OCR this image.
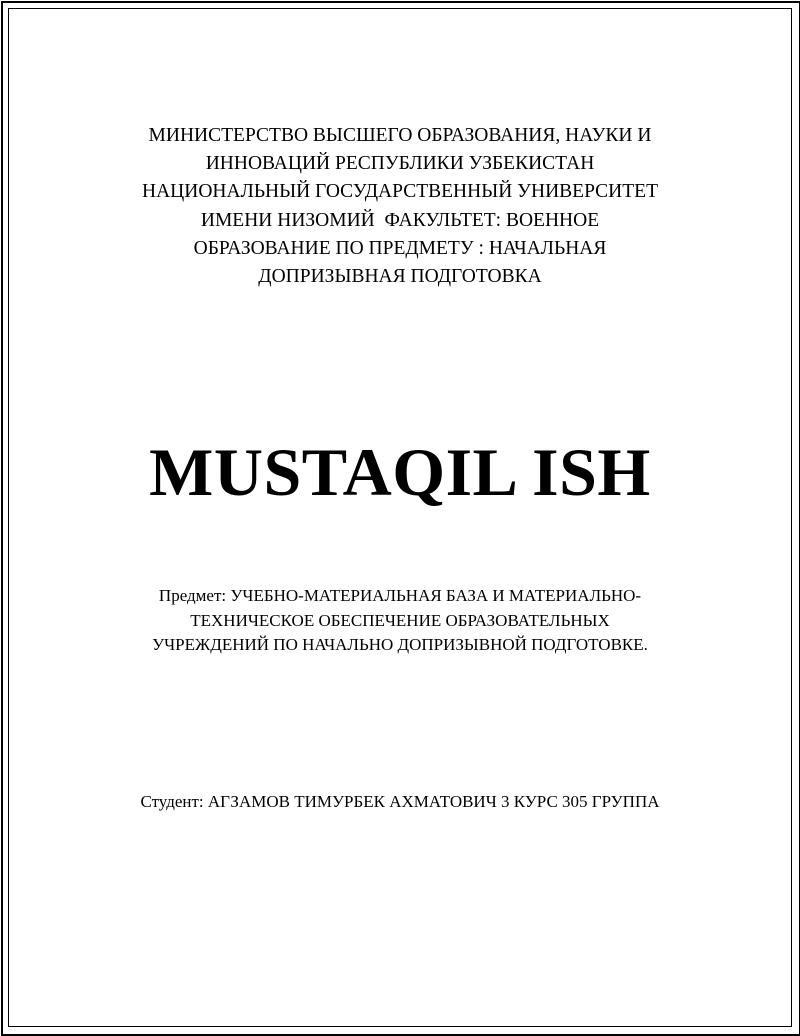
МИНИСТЕРСТВО ВЫСШЕГО ОБРАЗОВАНИЯ, НАУКИ И
ИННОВАЦИЙ РЕСПУБЛИКИ УЗБЕКИСТАН
НАЦИОНАЛЬНЫЙ ГОСУДАРСТВЕННЫЙ УНИВЕРСИТЕТ
ИМЕНИ НИЗОМИЙ  ФАКУЛЬТЕТ: ВОЕННОЕ
ОБРАЗОВАНИЕ ПО ПРЕДМЕТУ : НАЧАЛЬНАЯ
ДОПРИЗЫВНАЯ ПОДГОТОВКА
MUSTAQIL ISH
Предмет: УЧЕБНО-МАТЕРИАЛЬНАЯ БАЗА И МАТЕРИАЛЬНО-
ТЕХНИЧЕСКОЕ ОБЕСПЕЧЕНИЕ ОБРАЗОВАТЕЛЬНЫХ
УЧРЕЖДЕНИЙ ПО НАЧАЛЬНО ДОПРИЗЫВНОЙ ПОДГОТОВКЕ.
Студент: АГЗАМОВ ТИМУРБЕК АХМАТОВИЧ 3 КУРС 305 ГРУППА
